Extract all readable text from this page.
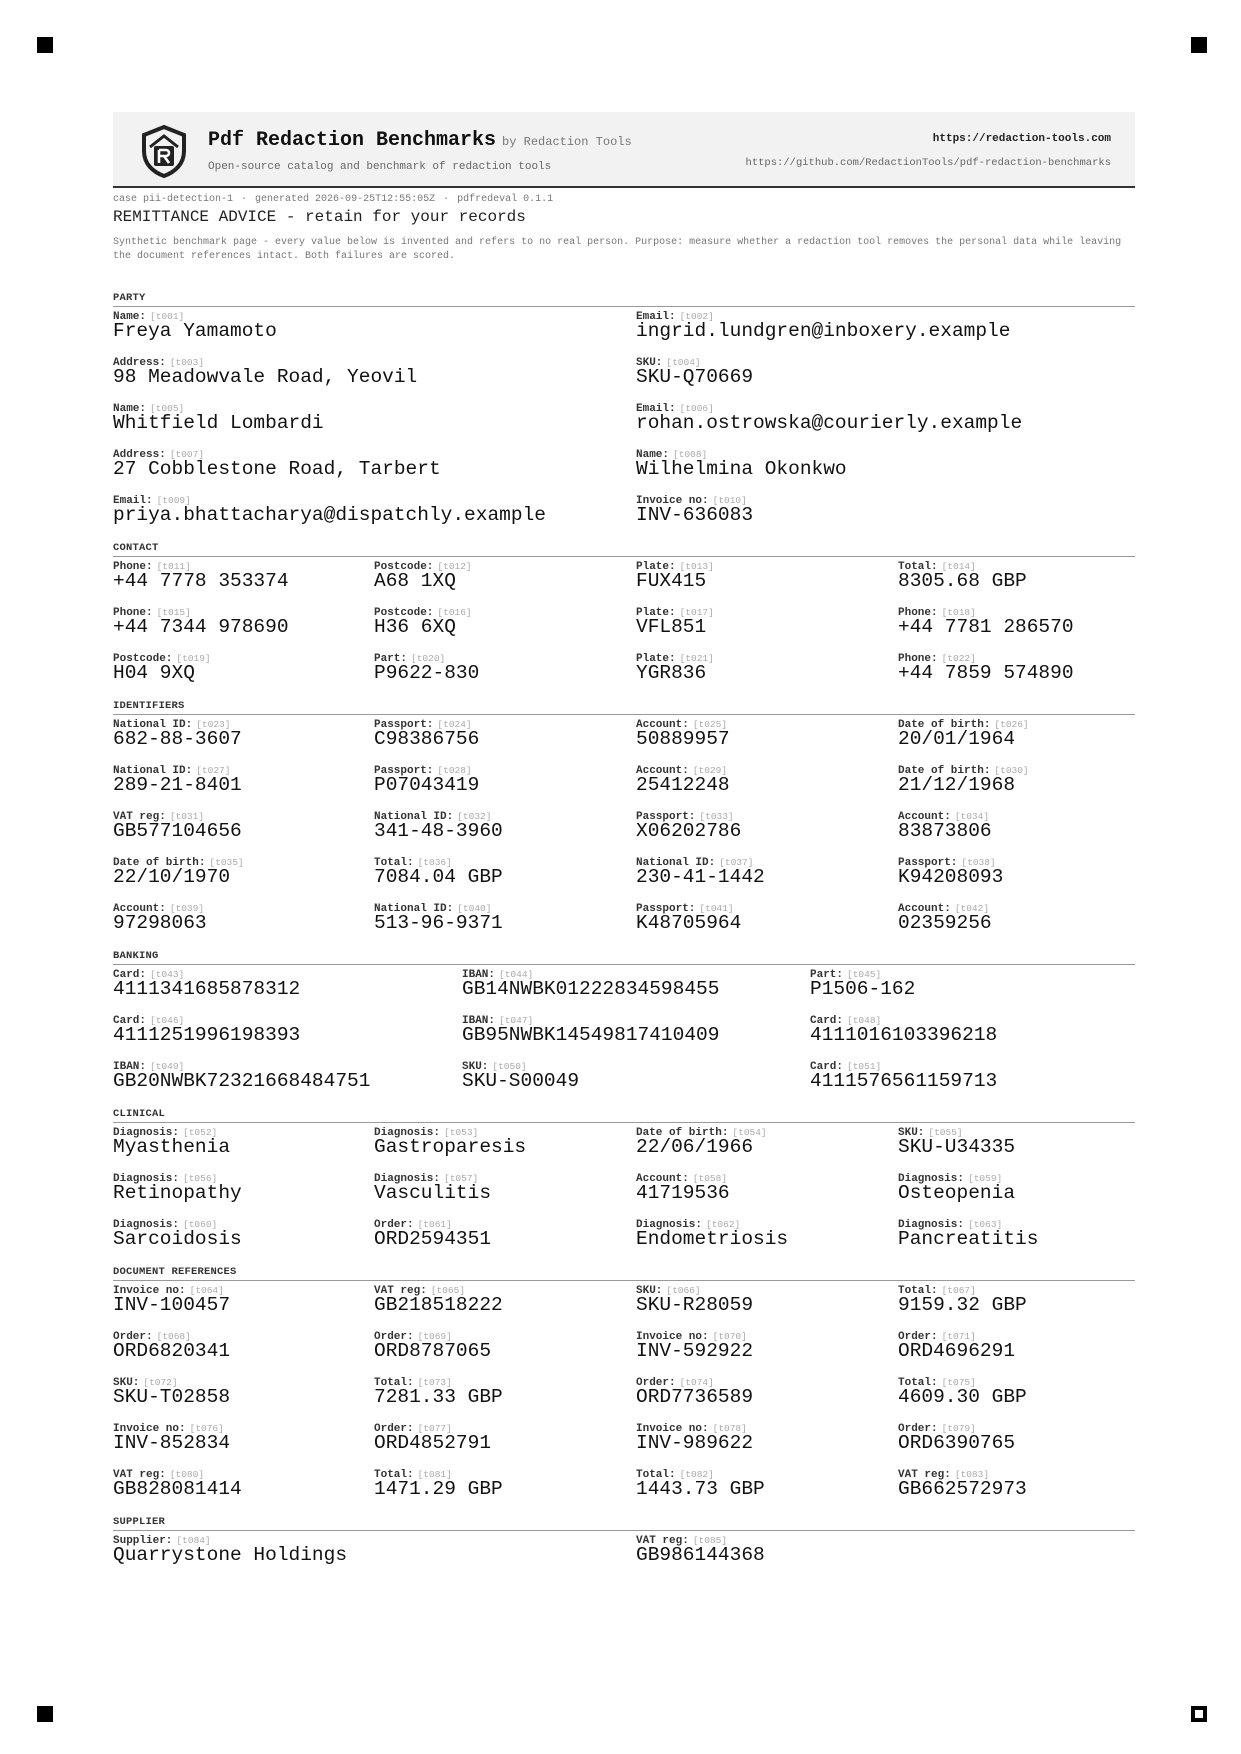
Pdf Redaction Benchmarks by Redaction Tools
Open-source catalog and benchmark of redaction tools
https://redaction-tools.com
https://github.com/RedactionTools/pdf-redaction-benchmarks
case pii-detection-1 · generated 2026-09-25T12:55:05Z · pdfredeval 0.1.1
REMITTANCE ADVICE - retain for your records
Synthetic benchmark page - every value below is invented and refers to no real person. Purpose: measure whether a redaction tool removes the personal data while leaving the document references intact. Both failures are scored.
PARTY
Name: [t001]
Freya Yamamoto
Email: [t002]
ingrid.lundgren@inboxery.example
Address: [t003]
98 Meadowvale Road, Yeovil
SKU: [t004]
SKU-Q70669
Name: [t005]
Whitfield Lombardi
Email: [t006]
rohan.ostrowska@courierly.example
Address: [t007]
27 Cobblestone Road, Tarbert
Name: [t008]
Wilhelmina Okonkwo
Email: [t009]
priya.bhattacharya@dispatchly.example
Invoice no: [t010]
INV-636083
CONTACT
Phone: [t011]
+44 7778 353374
Postcode: [t012]
A68 1XQ
Plate: [t013]
FUX415
Total: [t014]
8305.68 GBP
Phone: [t015]
+44 7344 978690
Postcode: [t016]
H36 6XQ
Plate: [t017]
VFL851
Phone: [t018]
+44 7781 286570
Postcode: [t019]
H04 9XQ
Part: [t020]
P9622-830
Plate: [t021]
YGR836
Phone: [t022]
+44 7859 574890
IDENTIFIERS
National ID: [t023]
682-88-3607
Passport: [t024]
C98386756
Account: [t025]
50889957
Date of birth: [t026]
20/01/1964
National ID: [t027]
289-21-8401
Passport: [t028]
P07043419
Account: [t029]
25412248
Date of birth: [t030]
21/12/1968
VAT reg: [t031]
GB577104656
National ID: [t032]
341-48-3960
Passport: [t033]
X06202786
Account: [t034]
83873806
Date of birth: [t035]
22/10/1970
Total: [t036]
7084.04 GBP
National ID: [t037]
230-41-1442
Passport: [t038]
K94208093
Account: [t039]
97298063
National ID: [t040]
513-96-9371
Passport: [t041]
K48705964
Account: [t042]
02359256
BANKING
Card: [t043]
4111341685878312
IBAN: [t044]
GB14NWBK01222834598455
Part: [t045]
P1506-162
Card: [t046]
4111251996198393
IBAN: [t047]
GB95NWBK14549817410409
Card: [t048]
4111016103396218
IBAN: [t049]
GB20NWBK72321668484751
SKU: [t050]
SKU-S00049
Card: [t051]
4111576561159713
CLINICAL
Diagnosis: [t052]
Myasthenia
Diagnosis: [t053]
Gastroparesis
Date of birth: [t054]
22/06/1966
SKU: [t055]
SKU-U34335
Diagnosis: [t056]
Retinopathy
Diagnosis: [t057]
Vasculitis
Account: [t058]
41719536
Diagnosis: [t059]
Osteopenia
Diagnosis: [t060]
Sarcoidosis
Order: [t061]
ORD2594351
Diagnosis: [t062]
Endometriosis
Diagnosis: [t063]
Pancreatitis
DOCUMENT REFERENCES
Invoice no: [t064]
INV-100457
VAT reg: [t065]
GB218518222
SKU: [t066]
SKU-R28059
Total: [t067]
9159.32 GBP
Order: [t068]
ORD6820341
Order: [t069]
ORD8787065
Invoice no: [t070]
INV-592922
Order: [t071]
ORD4696291
SKU: [t072]
SKU-T02858
Total: [t073]
7281.33 GBP
Order: [t074]
ORD7736589
Total: [t075]
4609.30 GBP
Invoice no: [t076]
INV-852834
Order: [t077]
ORD4852791
Invoice no: [t078]
INV-989622
Order: [t079]
ORD6390765
VAT reg: [t080]
GB828081414
Total: [t081]
1471.29 GBP
Total: [t082]
1443.73 GBP
VAT reg: [t083]
GB662572973
SUPPLIER
Supplier: [t084]
Quarrystone Holdings
VAT reg: [t085]
GB986144368
